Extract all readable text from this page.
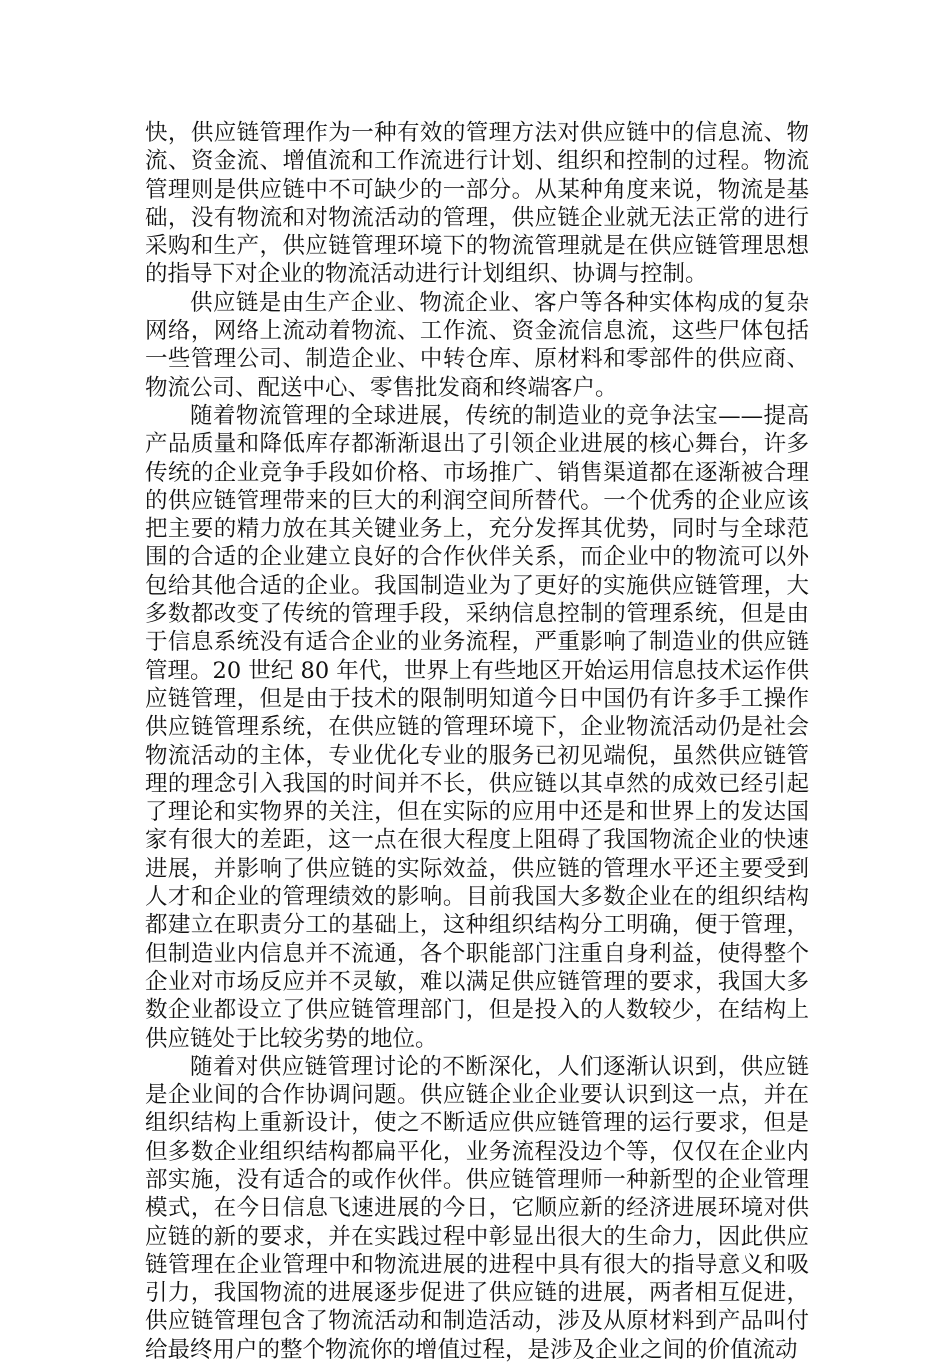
快，供应链管理作为一种有效的管理方法对供应链中的信息流、物流、资金流、增值流和工作流进行计划、组织和控制的过程。物流管理则是供应链中不可缺少的一部分。从某种角度来说，物流是基础，没有物流和对物流活动的管理，供应链企业就无法正常的进行采购和生产，供应链管理环境下的物流管理就是在供应链管理思想的指导下对企业的物流活动进行计划组织、协调与控制。

供应链是由生产企业、物流企业、客户等各种实体构成的复杂网络，网络上流动着物流、工作流、资金流信息流，这些尸体包括一些管理公司、制造企业、中转仓库、原材料和零部件的供应商、物流公司、配送中心、零售批发商和终端客户。

随着物流管理的全球进展，传统的制造业的竞争法宝——提高产品质量和降低库存都渐渐退出了引领企业进展的核心舞台，许多传统的企业竞争手段如价格、市场推广、销售渠道都在逐渐被合理的供应链管理带来的巨大的利润空间所替代。一个优秀的企业应该把主要的精力放在其关键业务上，充分发挥其优势，同时与全球范围的合适的企业建立良好的合作伙伴关系，而企业中的物流可以外包给其他合适的企业。我国制造业为了更好的实施供应链管理，大多数都改变了传统的管理手段，采纳信息控制的管理系统，但是由于信息系统没有适合企业的业务流程，严重影响了制造业的供应链管理。20 世纪 80 年代，世界上有些地区开始运用信息技术运作供应链管理，但是由于技术的限制明知道今日中国仍有许多手工操作供应链管理系统，在供应链的管理环境下，企业物流活动仍是社会物流活动的主体，专业优化专业的服务已初见端倪，虽然供应链管理的理念引入我国的时间并不长，供应链以其卓然的成效已经引起了理论和实物界的关注，但在实际的应用中还是和世界上的发达国家有很大的差距，这一点在很大程度上阻碍了我国物流企业的快速进展，并影响了供应链的实际效益，供应链的管理水平还主要受到人才和企业的管理绩效的影响。目前我国大多数企业在的组织结构都建立在职责分工的基础上，这种组织结构分工明确，便于管理，但制造业内信息并不流通，各个职能部门注重自身利益，使得整个企业对市场反应并不灵敏，难以满足供应链管理的要求，我国大多数企业都设立了供应链管理部门，但是投入的人数较少，在结构上供应链处于比较劣势的地位。

随着对供应链管理讨论的不断深化，人们逐渐认识到，供应链是企业间的合作协调问题。供应链企业企业要认识到这一点，并在组织结构上重新设计，使之不断适应供应链管理的运行要求，但是但多数企业组织结构都扁平化，业务流程没边个等，仅仅在企业内部实施，没有适合的或作伙伴。供应链管理师一种新型的企业管理模式，在今日信息飞速进展的今日，它顺应新的经济进展环境对供应链的新的要求，并在实践过程中彰显出很大的生命力，因此供应链管理在企业管理中和物流进展的进程中具有很大的指导意义和吸引力，我国物流的进展逐步促进了供应链的进展，两者相互促进，供应链管理包含了物流活动和制造活动，涉及从原材料到产品叫付给最终用户的整个物流你的增值过程，是涉及企业之间的价值流动
